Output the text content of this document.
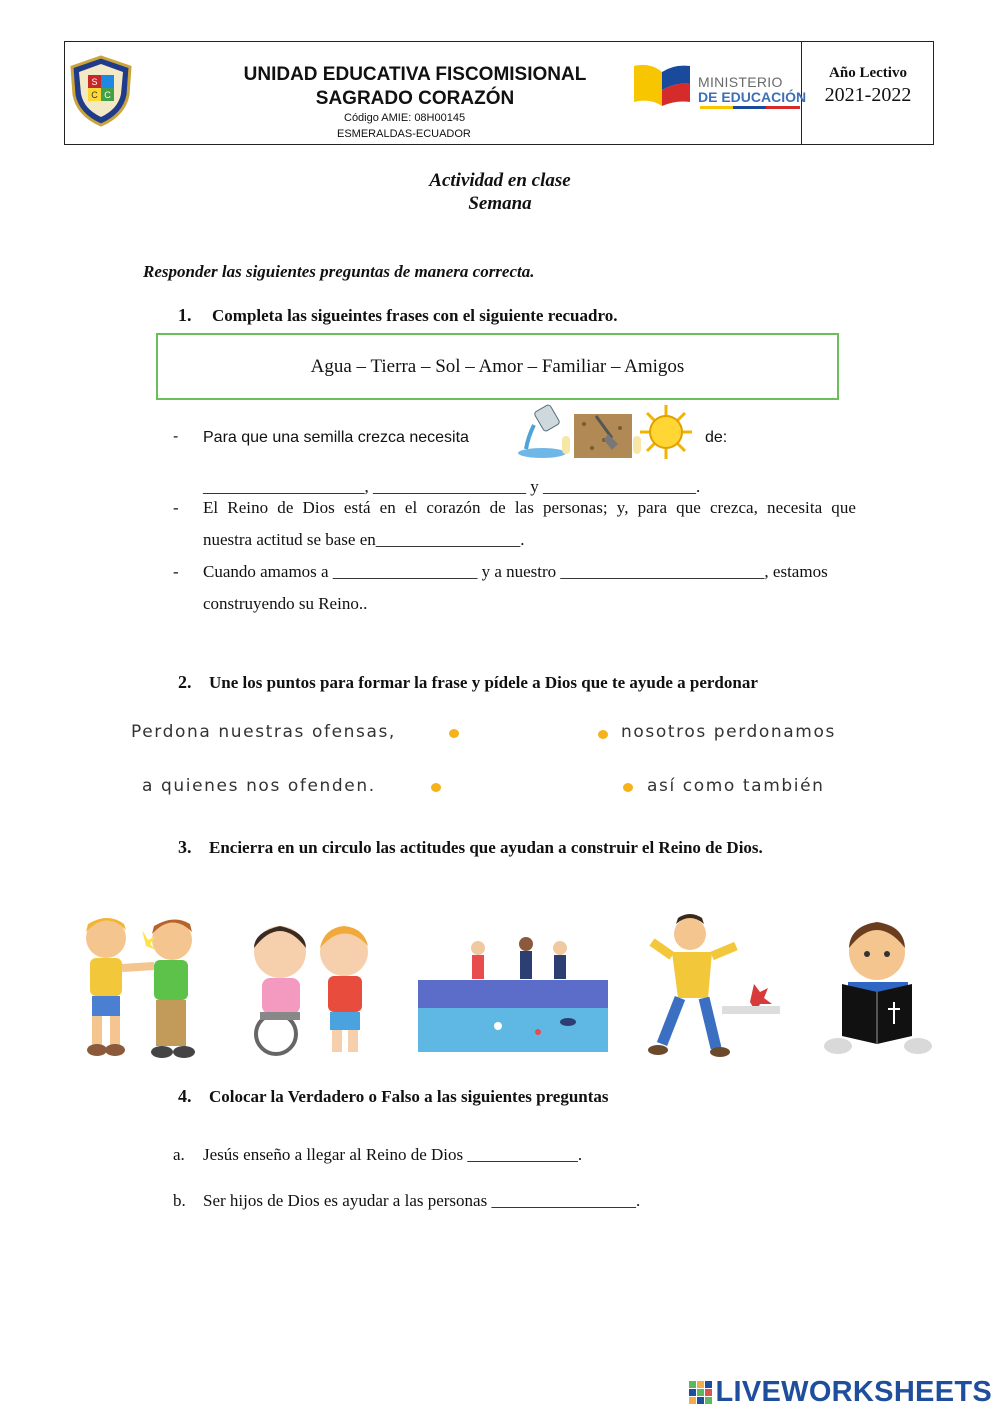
S
C
C
UNIDAD EDUCATIVA FISCOMISIONAL
SAGRADO CORAZÓN
Código AMIE: 08H00145
ESMERALDAS-ECUADOR
MINISTERIO
DE EDUCACIÓN
Año Lectivo
2021-2022
Actividad en clase
Semana
Responder las siguientes preguntas de manera correcta.
1. Completa las sigueintes frases con el siguiente recuadro.
Agua – Tierra – Sol – Amor – Familiar – Amigos
- Para que una semilla crezca necesita	de:
___________________, __________________ y __________________.
- El Reino de Dios está en el corazón de las personas; y, para que crezca, necesita que
nuestra actitud se base en_________________.
- Cuando amamos a _________________ y a nuestro ________________________, estamos
construyendo su Reino..
2. Une los puntos para formar la frase y pídele a Dios que te ayude a perdonar
Perdona nuestras ofensas,	nosotros perdonamos
a quienes nos ofenden.	así como también
3. Encierra en un circulo las actitudes que ayudan a construir el Reino de Dios.
4. Colocar la Verdadero o Falso a las siguientes preguntas
a. Jesús enseño a llegar al Reino de Dios _____________.
b. Ser hijos de Dios es ayudar a las personas _________________.
LIVEWORKSHEETS
